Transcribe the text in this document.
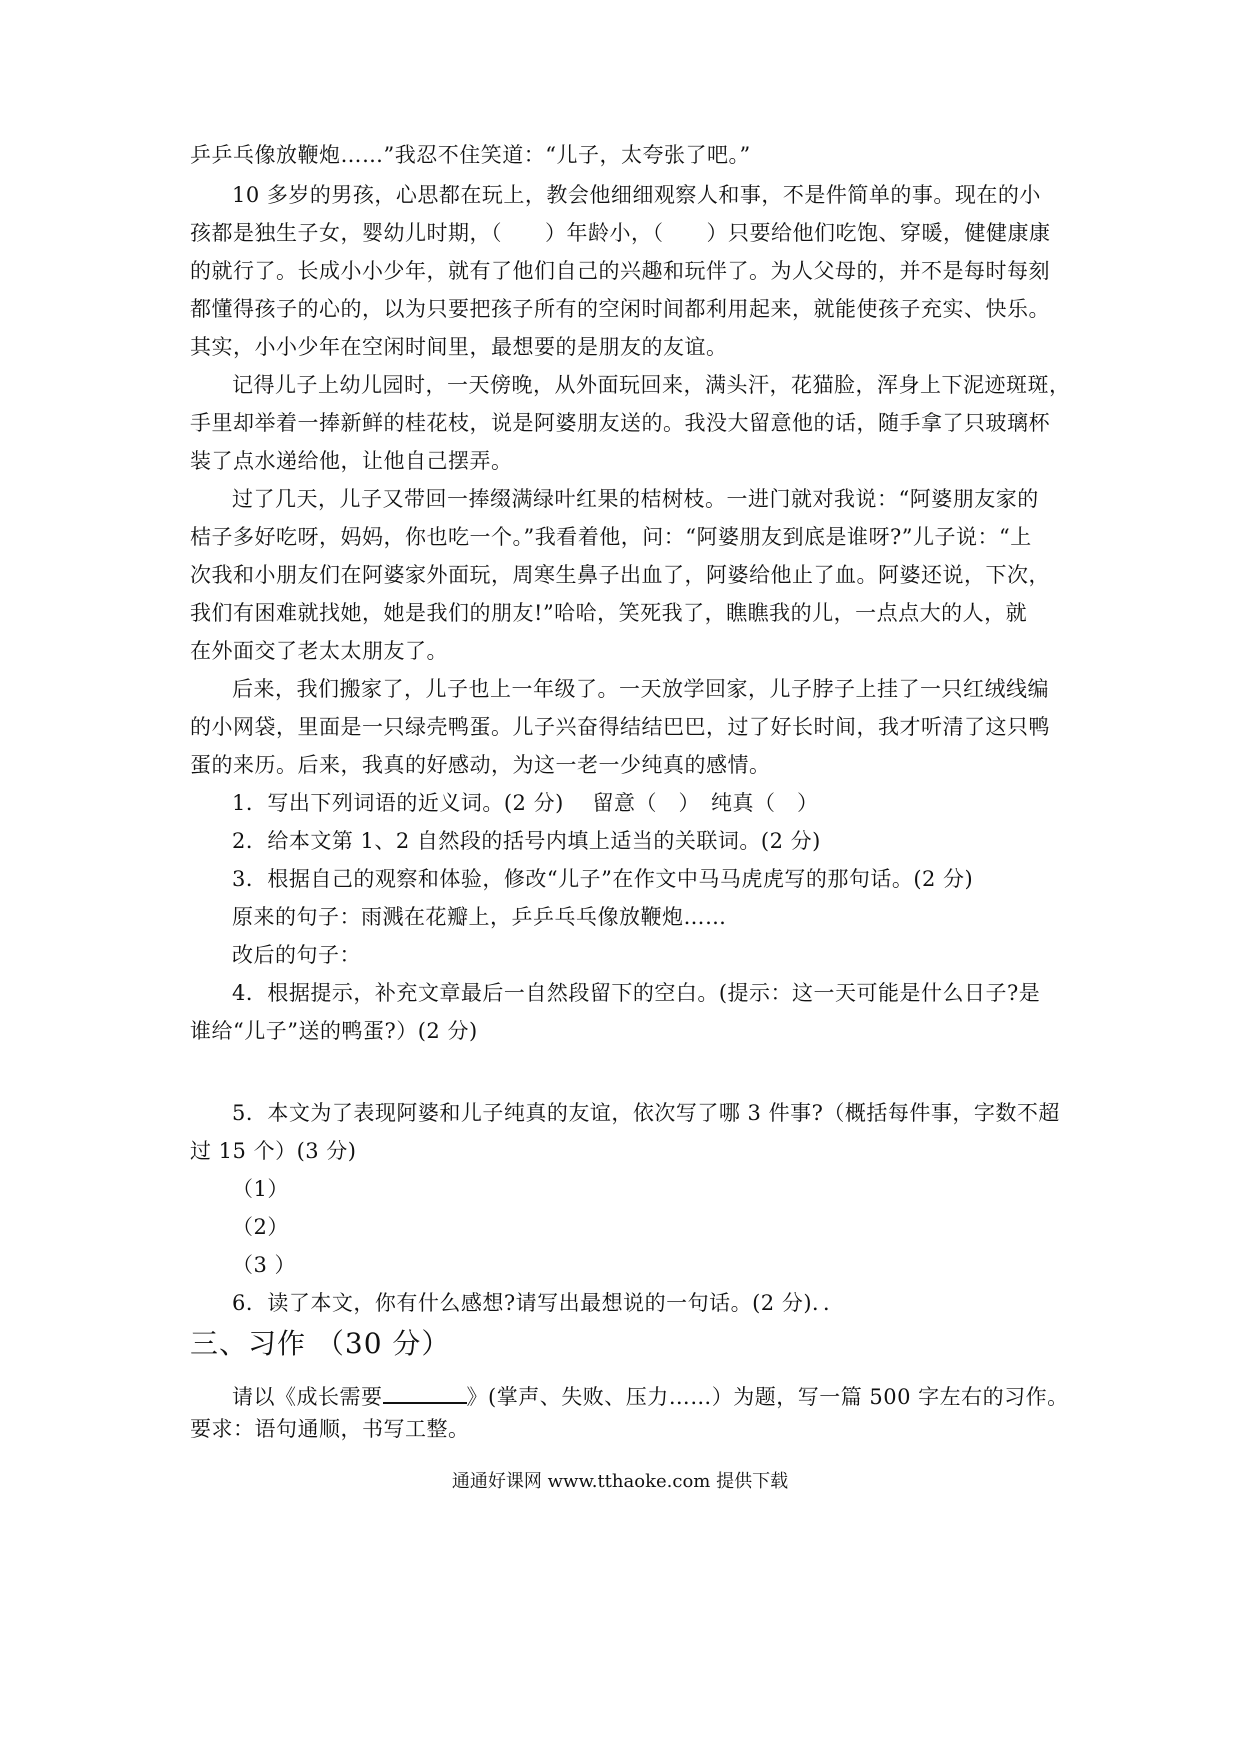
乒乒乓像放鞭炮……”我忍不住笑道：“儿子，太夸张了吧。”
10 多岁的男孩，心思都在玩上，教会他细细观察人和事，不是件简单的事。现在的小
孩都是独生子女，婴幼儿时期，（　　）年龄小，（　　）只要给他们吃饱、穿暖，健健康康
的就行了。长成小小少年，就有了他们自己的兴趣和玩伴了。为人父母的，并不是每时每刻
都懂得孩子的心的，以为只要把孩子所有的空闲时间都利用起来，就能使孩子充实、快乐。
其实，小小少年在空闲时间里，最想要的是朋友的友谊。
记得儿子上幼儿园时，一天傍晚，从外面玩回来，满头汗，花猫脸，浑身上下泥迹斑斑，
手里却举着一捧新鲜的桂花枝，说是阿婆朋友送的。我没大留意他的话，随手拿了只玻璃杯
装了点水递给他，让他自己摆弄。
过了几天，儿子又带回一捧缀满绿叶红果的桔树枝。一进门就对我说：“阿婆朋友家的
桔子多好吃呀，妈妈，你也吃一个。”我看着他，问：“阿婆朋友到底是谁呀?”儿子说：“上
次我和小朋友们在阿婆家外面玩，周寒生鼻子出血了，阿婆给他止了血。阿婆还说，下次，
我们有困难就找她，她是我们的朋友!”哈哈，笑死我了，瞧瞧我的儿，一点点大的人，就
在外面交了老太太朋友了。
后来，我们搬家了，儿子也上一年级了。一天放学回家，儿子脖子上挂了一只红绒线编
的小网袋，里面是一只绿壳鸭蛋。儿子兴奋得结结巴巴，过了好长时间，我才听清了这只鸭
蛋的来历。后来，我真的好感动，为这一老一少纯真的感情。
1．写出下列词语的近义词。(2 分)　 留意（　）　纯真（　）
2．给本文第 1、2 自然段的括号内填上适当的关联词。(2 分)
3．根据自己的观察和体验，修改“儿子”在作文中马马虎虎写的那句话。(2 分)
原来的句子：雨溅在花瓣上，乒乒乓乓像放鞭炮……
改后的句子：
4．根据提示，补充文章最后一自然段留下的空白。(提示：这一天可能是什么日子?是
谁给“儿子”送的鸭蛋?）(2 分)
5．本文为了表现阿婆和儿子纯真的友谊，依次写了哪 3 件事?（概括每件事，字数不超
过 15 个）(3 分)
（1）
（2）
（3 ）
6．读了本文，你有什么感想?请写出最想说的一句话。(2 分)．．
三、习作 （30 分）
请以《成长需要	》(掌声、失败、压力……）为题，写一篇 500 字左右的习作。
要求：语句通顺，书写工整。
通通好课网 www.tthaoke.com 提供下载
